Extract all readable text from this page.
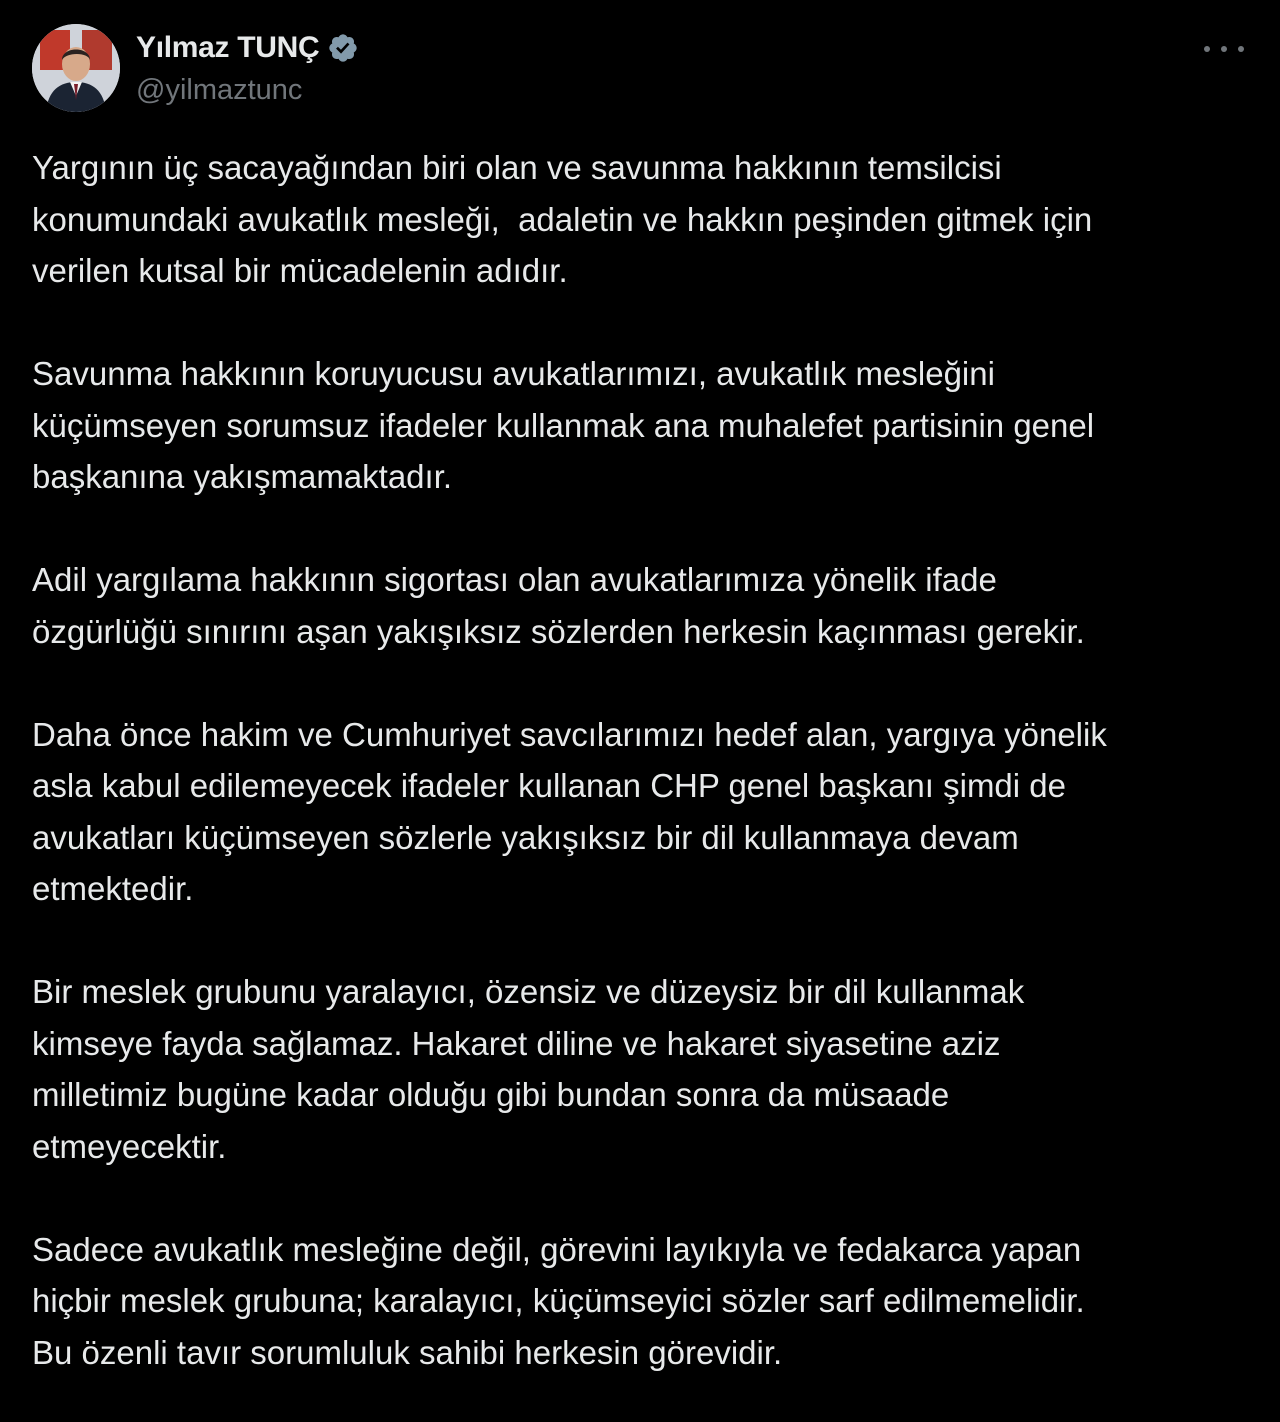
Yılmaz TUNÇ
@yilmaztunc

Yargının üç sacayağından biri olan ve savunma hakkının temsilcisi
konumundaki avukatlık mesleği,  adaletin ve hakkın peşinden gitmek için
verilen kutsal bir mücadelenin adıdır.

Savunma hakkının koruyucusu avukatlarımızı, avukatlık mesleğini
küçümseyen sorumsuz ifadeler kullanmak ana muhalefet partisinin genel
başkanına yakışmamaktadır.

Adil yargılama hakkının sigortası olan avukatlarımıza yönelik ifade
özgürlüğü sınırını aşan yakışıksız sözlerden herkesin kaçınması gerekir.

Daha önce hakim ve Cumhuriyet savcılarımızı hedef alan, yargıya yönelik
asla kabul edilemeyecek ifadeler kullanan CHP genel başkanı şimdi de
avukatları küçümseyen sözlerle yakışıksız bir dil kullanmaya devam
etmektedir.

Bir meslek grubunu yaralayıcı, özensiz ve düzeysiz bir dil kullanmak
kimseye fayda sağlamaz. Hakaret diline ve hakaret siyasetine aziz
milletimiz bugüne kadar olduğu gibi bundan sonra da müsaade
etmeyecektir.

Sadece avukatlık mesleğine değil, görevini layıkıyla ve fedakarca yapan
hiçbir meslek grubuna; karalayıcı, küçümseyici sözler sarf edilmemelidir.
Bu özenli tavır sorumluluk sahibi herkesin görevidir.
